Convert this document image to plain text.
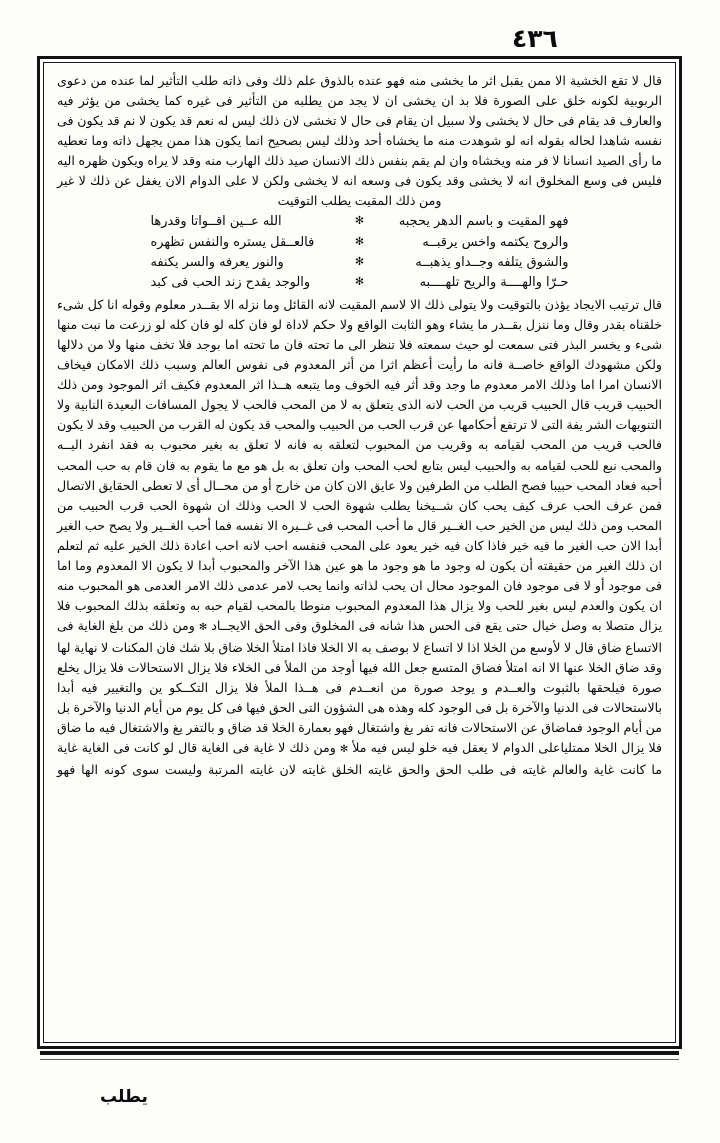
٤٣٦

قال لا تقع الخشية الا ممن يقبل اثر ما يخشى منه فهو عنده بالذوق علم ذلك وفى ذاته طلب التأثير لما عنده من دعوى الربوبية لكونه خلق على الصورة فلا بد ان يخشى ان لا يجد من يطلبه من التأثير فى غيره كما يخشى من يؤثر فيه والعارف قد يقام فى حال لا يخشى ولا سبيل ان يقام فى حال لا تخشى لان ذلك ليس له نعم قد يكون لا نم قد يكون فى نفسه شاهدا لحاله بقوله انه لو شوهدت منه ما يخشاه أحد وذلك ليس بصحيح انما يكون هذا ممن يجهل ذاته وما تعطيه ما رأى الصيد انسانا لا فر منه ويخشاه وان لم يقم بنفس ذلك الانسان صيد ذلك الهارب منه وقد لا يراه ويكون ظهره اليه فليس فى وسع المخلوق انه لا يخشى وقد يكون فى وسعه انه لا يخشى ولكن لا على الدوام الان يغفل عن ذلك لا غير

ومن ذلك المقيت يطلب التوقيت

فهو المقيت و باسم الدهر يحجبه
✻
الله عــين اقــواتا وقدرها
والروح يكتمه واخس يرقبــه
✻
فالعــقل يستره والنفس تظهره
والشوق يتلفه وجــداو يذهبــه
✻
والنور يعرفه والسر يكنفه
حـرّا والهــــة والريح تلهــــبه
✻
والوجد يقدح زند الحب فى كبد

قال ترتيب الايجاد يؤذن بالتوقيت ولا يتولى ذلك الا لاسم المقيت لانه القائل وما نزله الا بقــدر معلوم وقوله انا كل شىء خلقناه بقدر وقال وما ننزل بقــدر ما يشاء وهو الثابت الواقع ولا حكم لاداة لو فان كله لو فان كله لو زرعت ما نبت منها شىء و يخسر البذر فتى سمعت لو حيث سمعته فلا تنظر الى ما تحته فان ما تحته اما بوجد فلا تخف منها ولا من دلالها ولكن مشهودك الواقع خاصــة فانه ما رأيت أعظم اثرا من أثر المعدوم فى نفوس العالم وسبب ذلك الامكان فيخاف الانسان امرا اما وذلك الامر معدوم ما وجد وقد أثر فيه الخوف وما يتبعه هــذا اثر المعدوم فكيف اثر الموجود ومن ذلك الحبيب قريب قال الحبيب قريب من الحب لانه الذى يتعلق به لا من المحب فالحب لا يجول المسافات البعيدة النابية ولا التنويهات الشر يفة التى لا ترتفع أحكامها عن قرب الحب من الحبيب والمحب قد يكون له القرب من الحبيب وقد لا يكون فالحب قريب من المحب لقيامه به وقريب من المحبوب لتعلقه به فانه لا تعلق به بغير محبوب به فقد انفرد اليــه والمحب نبع للحب لقيامه به والحبيب ليس بتابع لحب المحب وان تعلق به بل هو مع ما يقوم به فان قام به حب المحب أحبه فعاد المحب حبيبا فصح الطلب من الطرفين ولا عايق الان كان من خارج أو من محــال أى لا تعطى الحقايق الاتصال فمن عرف الحب عرف كيف يحب كان شــيخنا يطلب شهوة الحب لا الحب وذلك ان شهوة الحب قرب الحبيب من المحب ومن ذلك ليس من الخير حب الغــير قال ما أحب المحب فى غــيره الا نفسه فما أحب الغــير ولا يصح حب الغير أبدا الان حب الغير ما فيه خير فاذا كان فيه خير يعود على المحب فنفسه احب لانه احب اعادة ذلك الخير عليه ثم لتعلم ان ذلك الغير من حقيقته أن يكون له وجود ما هو وجود ما هو عين هذا الآخر والمحبوب أبدا لا يكون الا المعدوم وما اما فى موجود أو لا فى موجود فان الموجود محال ان يحب لذاته وانما يحب لامر عدمى ذلك الامر العدمى هو المحبوب منه ان يكون والعدم ليس بغير للحب ولا يزال هذا المعدوم المحبوب منوطا بالمحب لقيام حبه به وتعلقه بذلك المحبوب فلا يزال متصلا به وصل خيال حتى يقع فى الحس هذا شانه فى المخلوق وفى الحق الايجــاد✻ومن ذلك من بلغ الغاية فى الاتساع ضاق قال لا لأوسع من الخلا اذا لا اتساع لا بوصف به الا الخلا فاذا امتلأ الخلا ضاق بلا شك فان المكنات لا نهاية لها وقد ضاق الخلا عنها الا انه امتلأ فضاق المتسع جعل الله فيها أوجد من الملأ فى الخلاء فلا يزال الاستحالات فلا يزال يخلع صورة فيلحقها بالثبوت والعــدم و يوجد صورة من انعــدم فى هــذا الملأ فلا يزال التكــكو ين والتغيير فيه أبدا بالاستحالات فى الدنيا والآخرة بل فى الوجود كله وهذه هى الشؤون التى الحق فيها فى كل يوم من أيام الدنيا والآخرة بل من أيام الوجود فماضاق عن الاستحالات فانه تفر يغ واشتغال فهو بعمارة الخلا قد ضاق و بالتفر يغ والاشتغال فيه ما ضاق فلا يزال الخلا ممتلياعلى الدوام لا يعقل فيه خلو ليس فيه ملأ✻ومن ذلك لا غاية فى الغاية قال لو كانت فى الغاية غاية ما كانت غاية والعالم غايته فى طلب الحق والحق غايته الخلق غايته لان غايته المرتبة وليست سوى كونه الها فهو

يطلب
